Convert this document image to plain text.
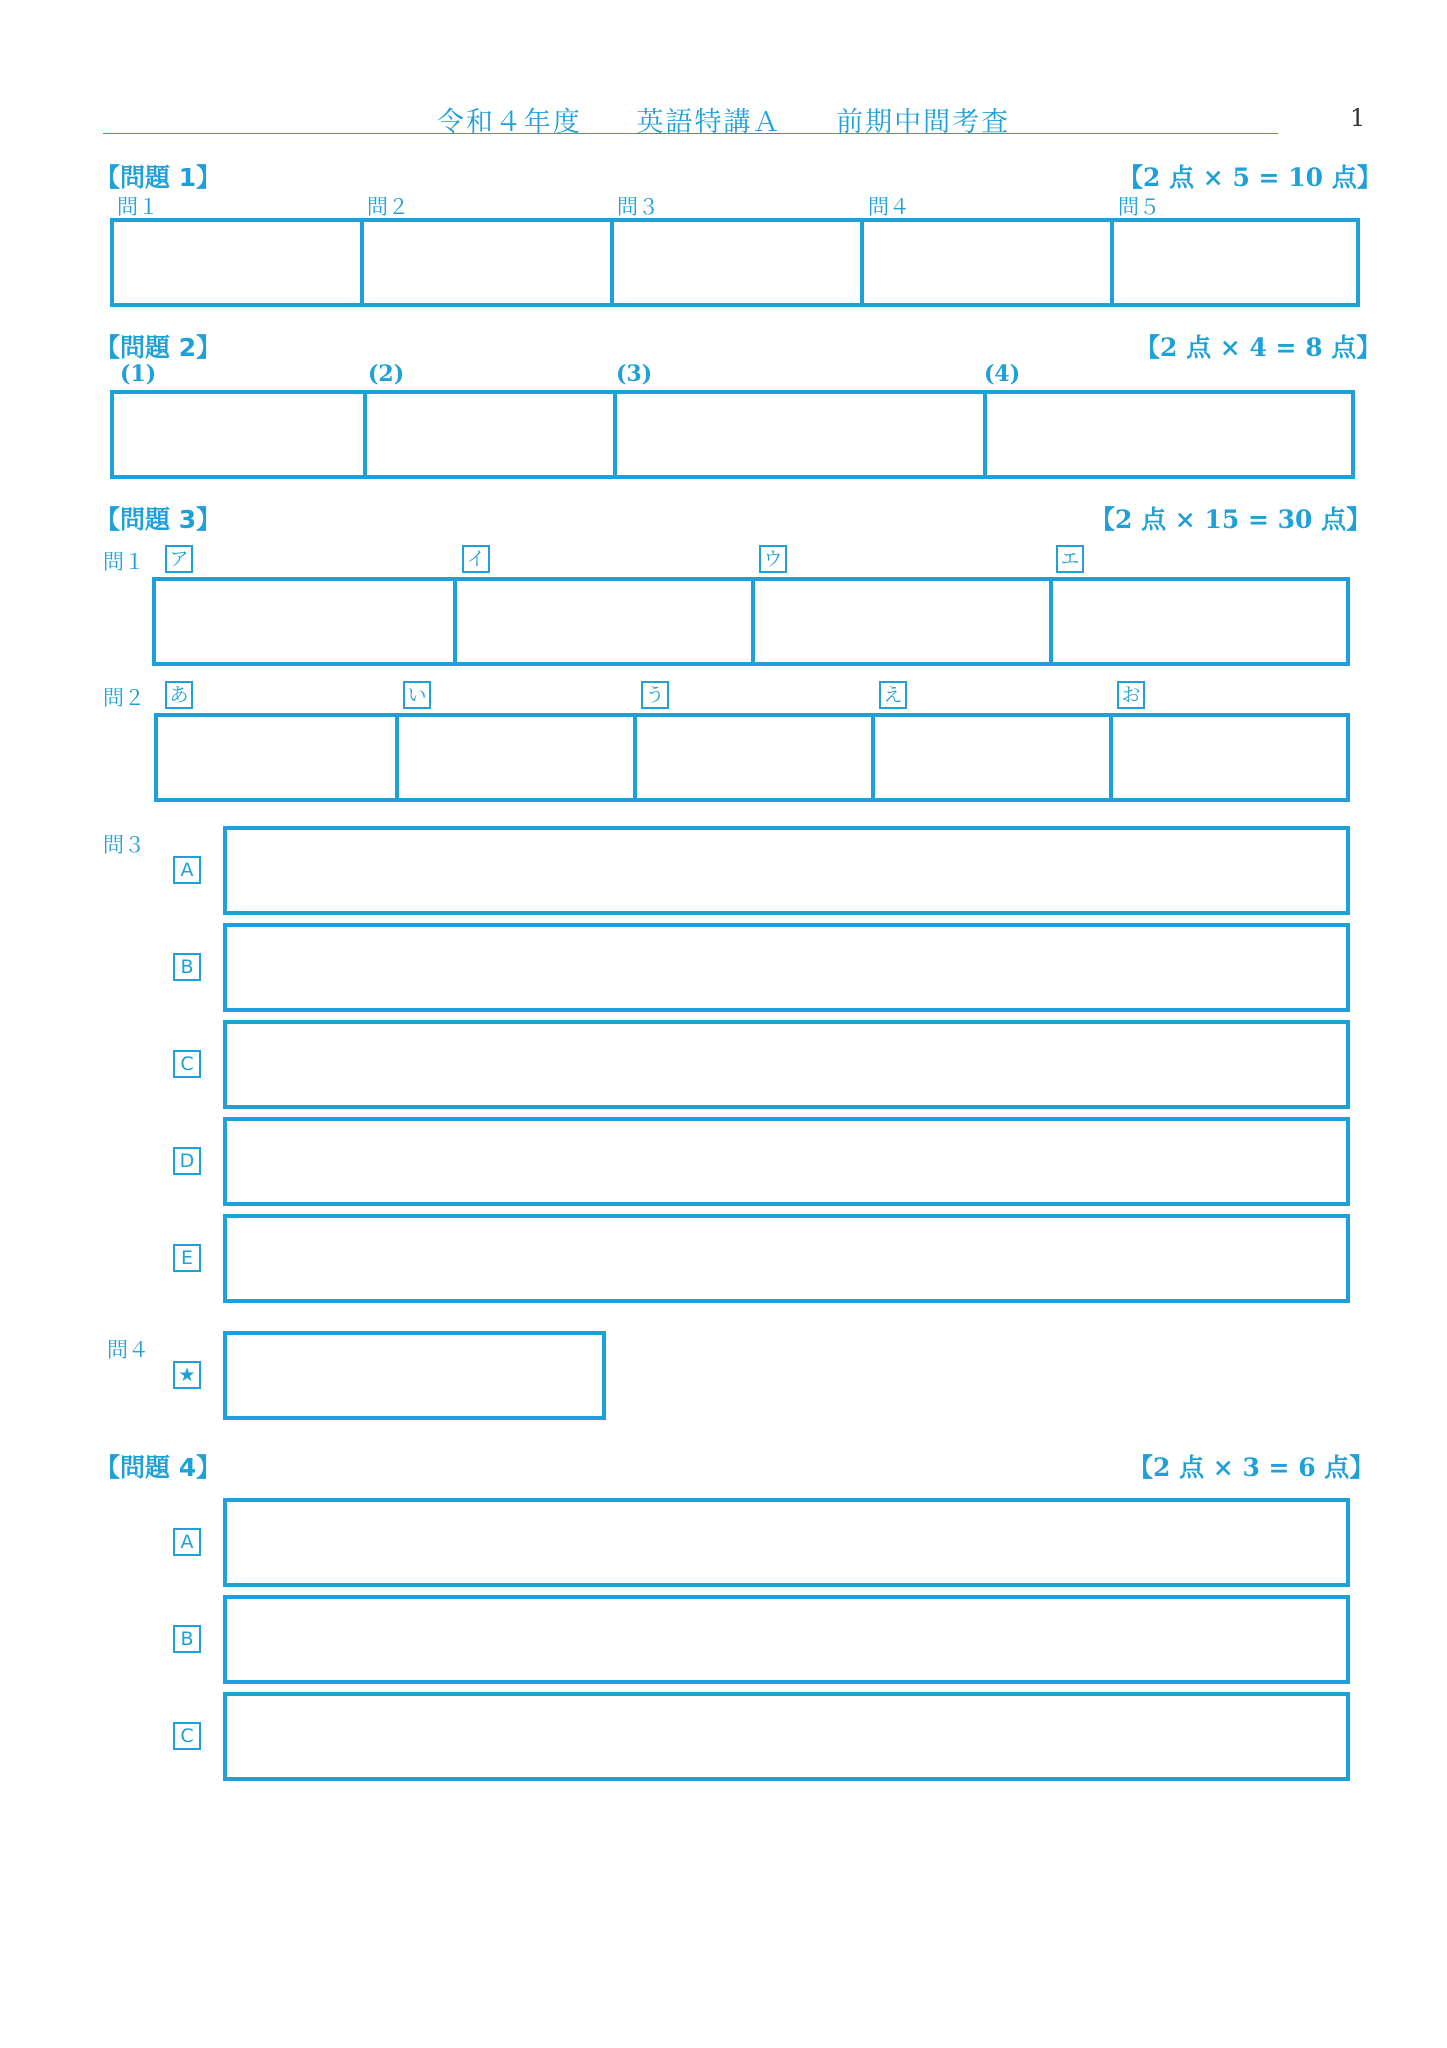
令和４年度 英語特講Ａ 前期中間考査	1
【問題 1】	【2 点 × 5 = 10 点】
問１	問２	問３	問４	問５
【問題 2】	【2 点 × 4 = 8 点】
(1)	(2)	(3)	(4)
【問題 3】	【2 点 × 15 = 30 点】
問１ ア	イ	ウ	エ
問２ あ	い	う	え	お
問３
A
B
C
D
E
問４
★
【問題 4】	【2 点 × 3 = 6 点】
A
B
C
